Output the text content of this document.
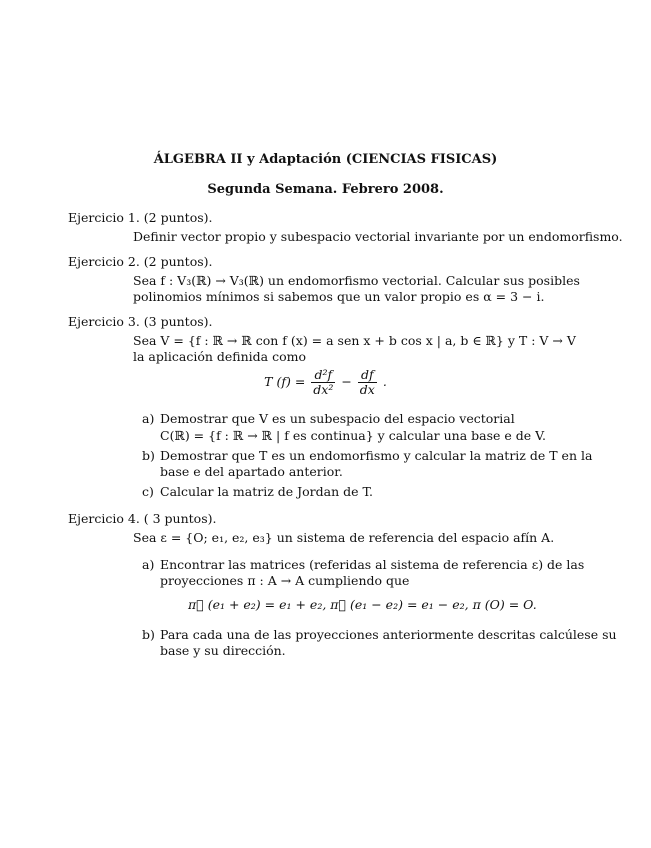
ÁLGEBRA II y Adaptación (CIENCIAS FISICAS)
Segunda Semana. Febrero 2008.
Ejercicio 1. (2 puntos).
Definir vector propio y subespacio vectorial invariante por un endomorfismo.
Ejercicio 2. (2 puntos).
Sea f : V₃(ℝ) → V₃(ℝ) un endomorfismo vectorial. Calcular sus posibles
polinomios mínimos si sabemos que un valor propio es α = 3 − i.
Ejercicio 3. (3 puntos).
Sea V = {f : ℝ → ℝ con f (x) = a sen x + b cos x | a, b ∈ ℝ} y T : V → V
la aplicación definida como
T $(f) = \frac{\text{d²f}}{\text{dx²}} - \frac{df}{dx}$ .
a) Demostrar que V es un subespacio del espacio vectorial
C(ℝ) = {f : ℝ → ℝ | f es continua} y calcular una base e de V.
b) Demostrar que T es un endomorfismo y calcular la matriz de T en la
base e del apartado anterior.
c) Calcular la matriz de Jordan de T.
Ejercicio 4. ( 3 puntos).
Sea ε = {O; e₁, e₂, e₃} un sistema de referencia del espacio afín A.
a) Encontrar las matrices (referidas al sistema de referencia ε) de las
proyecciones π : A → A cumpliendo que
π⃗ (e₁ + e₂) = e₁ + e₂, π⃗ (e₁ − e₂) = e₁ − e₂, π (O) = O.
b) Para cada una de las proyecciones anteriormente descritas calcúlese su
base y su dirección.
